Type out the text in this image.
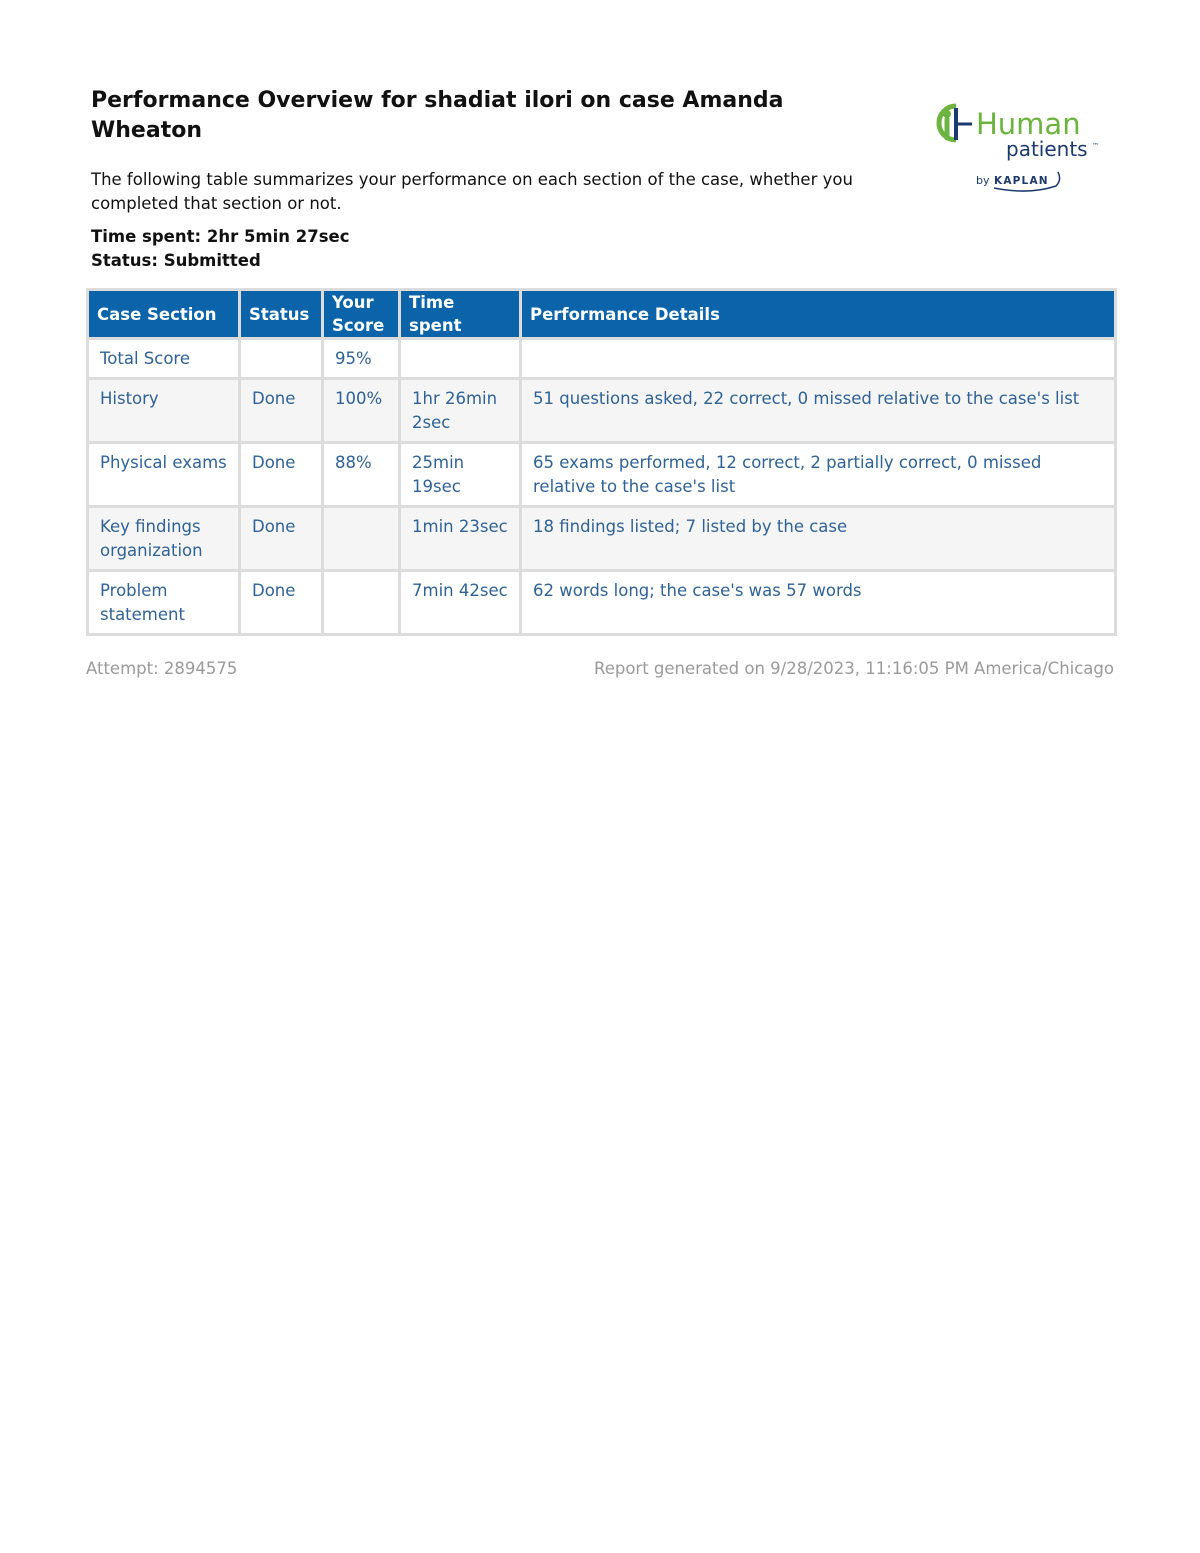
Performance Overview for shadiat ilori on case Amanda Wheaton	Human
patients ™
by KAPLAN

The following table summarizes your performance on each section of the case, whether you completed that section or not.

Time spent: 2hr 5min 27sec
Status: Submitted
Case Section	Status	Your Score	Time spent	Performance Details
Total Score		95%		
History	Done	100%	1hr 26min 2sec	51 questions asked, 22 correct, 0 missed relative to the case's list
Physical exams	Done	88%	25min 19sec	65 exams performed, 12 correct, 2 partially correct, 0 missed relative to the case's list
Key findings organization	Done		1min 23sec	18 findings listed; 7 listed by the case
Problem statement	Done		7min 42sec	62 words long; the case's was 57 words
Attempt: 2894575	Report generated on 9/28/2023, 11:16:05 PM America/Chicago
